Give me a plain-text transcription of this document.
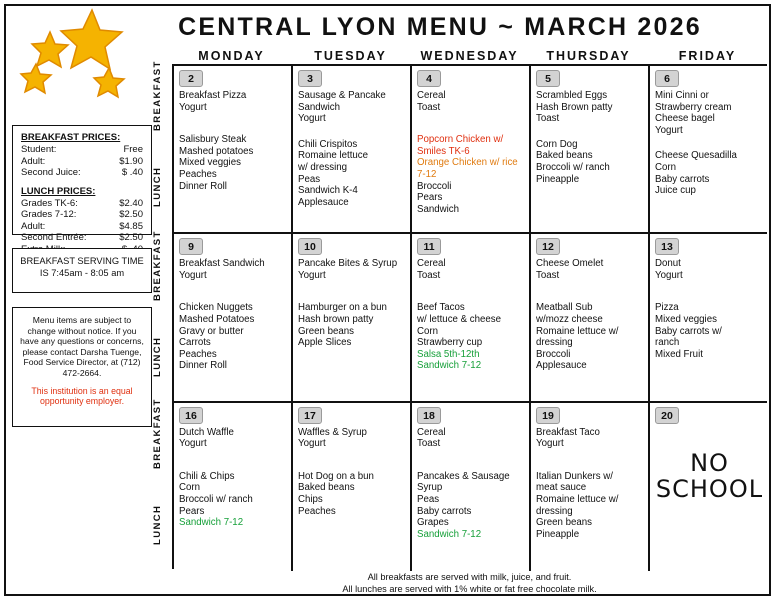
CENTRAL LYON MENU ~ MARCH 2026
MONDAY	TUESDAY	WEDNESDAY	THURSDAY	FRIDAY
BREAKFAST
LUNCH
BREAKFAST
LUNCH
BREAKFAST
LUNCH
2
Breakfast Pizza
Yogurt
Salisbury Steak
Mashed potatoes
Mixed veggies
Peaches
Dinner Roll
3
Sausage & Pancake
Sandwich
Yogurt
Chili Crispitos
Romaine lettuce
w/ dressing
Peas
Sandwich K-4
Applesauce
4
Cereal
Toast
Popcorn Chicken w/
Smiles TK-6
Orange Chicken w/ rice
7-12
Broccoli
Pears
Sandwich
5
Scrambled Eggs
Hash Brown patty
Toast
Corn Dog
Baked beans
Broccoli w/ ranch
Pineapple
6
Mini Cinni or
Strawberry cream
Cheese bagel
Yogurt
Cheese Quesadilla
Corn
Baby carrots
Juice cup
9
Breakfast Sandwich
Yogurt
Chicken Nuggets
Mashed Potatoes
Gravy or butter
Carrots
Peaches
Dinner Roll
10
Pancake Bites & Syrup
Yogurt
Hamburger on a bun
Hash brown patty
Green beans
Apple Slices
11
Cereal
Toast
Beef Tacos
w/ lettuce & cheese
Corn
Strawberry cup
Salsa 5th-12th
Sandwich 7-12
12
Cheese Omelet
Toast
Meatball Sub
w/mozz cheese
Romaine lettuce w/
dressing
Broccoli
Applesauce
13
Donut
Yogurt
Pizza
Mixed veggies
Baby carrots w/
ranch
Mixed Fruit
16
Dutch Waffle
Yogurt
Chili & Chips
Corn
Broccoli w/ ranch
Pears
Sandwich 7-12
17
Waffles & Syrup
Yogurt
Hot Dog on a bun
Baked beans
Chips
Peaches
18
Cereal
Toast
Pancakes & Sausage
Syrup
Peas
Baby carrots
Grapes
Sandwich 7-12
19
Breakfast Taco
Yogurt
Italian Dunkers w/
meat sauce
Romaine lettuce w/
dressing
Green beans
Pineapple
20
NO SCHOOL
BREAKFAST PRICES:
Student:	Free
Adult:	$1.90
Second Juice:	$ .40
LUNCH PRICES:
Grades TK-6:	$2.40
Grades 7-12:	$2.50
Adult:	$4.85
Second Entrée:	$2.50
BREAKFAST SERVING TIME IS 7:45am - 8:05 am
Menu items are subject to change without notice. If you have any questions or concerns, please contact Darsha Tuenge, Food Service Director, at (712) 472-2664.
This institution is an equal opportunity employer.
All breakfasts are served with milk, juice, and fruit.
All lunches are served with 1% white or fat free chocolate milk.
